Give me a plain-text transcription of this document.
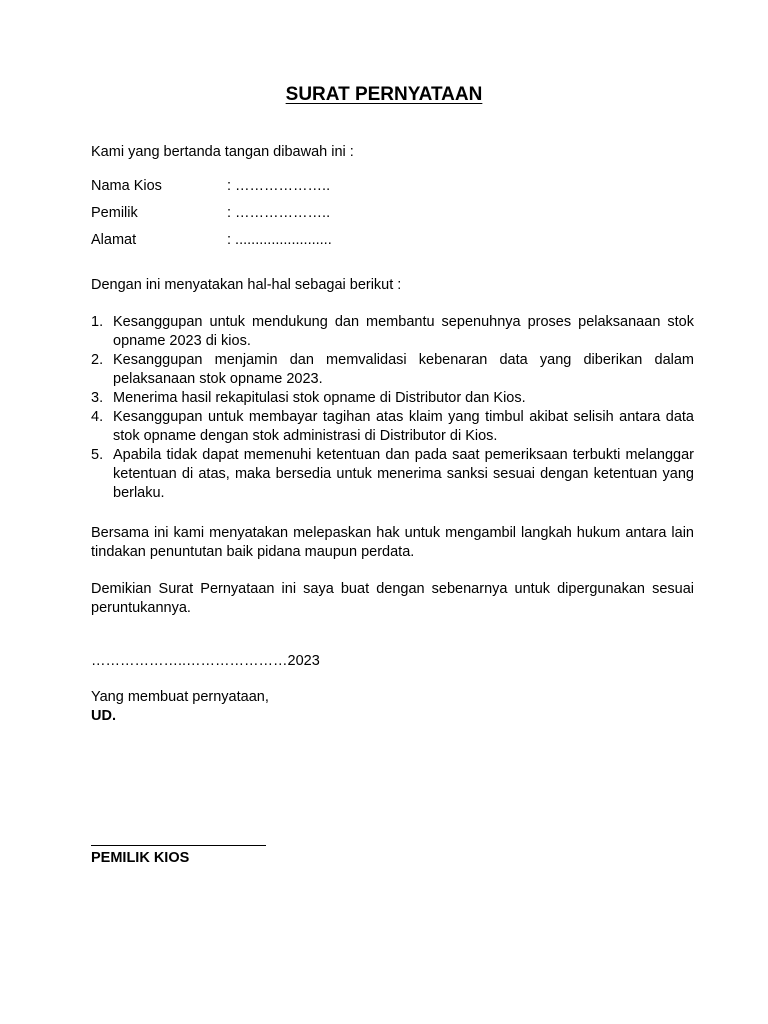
SURAT PERNYATAAN
Kami yang bertanda tangan dibawah ini :
Nama Kios	: ………………..
Pemilik	: ………………..
Alamat	: ........................
Dengan ini menyatakan hal-hal sebagai berikut :
1. Kesanggupan untuk mendukung dan membantu sepenuhnya proses pelaksanaan stok opname 2023 di kios.
2. Kesanggupan menjamin dan memvalidasi kebenaran data yang diberikan dalam pelaksanaan stok opname 2023.
3. Menerima hasil rekapitulasi stok opname di Distributor dan Kios.
4. Kesanggupan untuk membayar tagihan atas klaim yang timbul akibat selisih antara data stok opname dengan stok administrasi di Distributor di Kios.
5. Apabila tidak dapat memenuhi ketentuan dan pada saat pemeriksaan terbukti melanggar ketentuan di atas, maka bersedia untuk menerima sanksi sesuai dengan ketentuan yang berlaku.
Bersama ini kami menyatakan melepaskan hak untuk mengambil langkah hukum antara lain tindakan penuntutan baik pidana maupun perdata.
Demikian Surat Pernyataan ini saya buat dengan sebenarnya untuk dipergunakan sesuai peruntukannya.
………………..…………………2023
Yang membuat pernyataan,
UD.
PEMILIK KIOS
